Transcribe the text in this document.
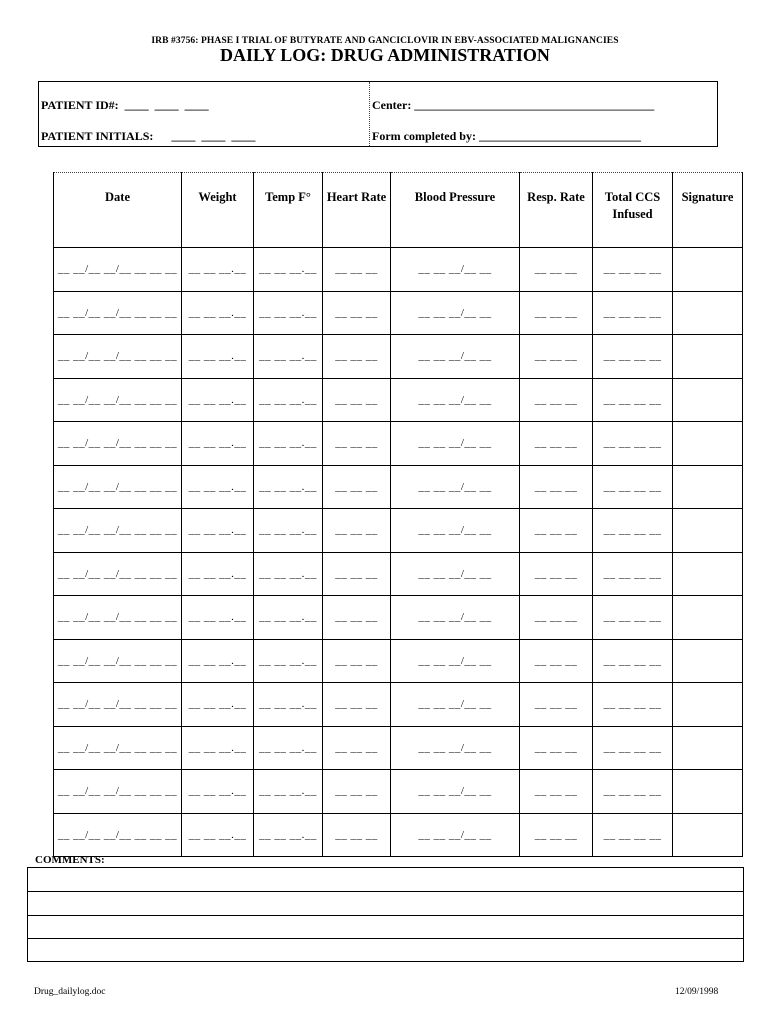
IRB #3756: PHASE I TRIAL OF BUTYRATE AND GANCICLOVIR IN EBV-ASSOCIATED MALIGNANCIES
DAILY LOG: DRUG ADMINISTRATION
PATIENT ID#:  ____  ____  ____
PATIENT INITIALS:      ____  ____  ____
Center: ________________________________________
Form completed by: ___________________________
Date	Weight	Temp F°	Heart Rate	Blood Pressure	Resp. Rate	Total CCS Infused	Signature
__ __/__ __/__ __ __ __	__ __ __.__	__ __ __.__	__ __ __	__ __ __/__ __	__ __ __	__ __ __ __	
__ __/__ __/__ __ __ __	__ __ __.__	__ __ __.__	__ __ __	__ __ __/__ __	__ __ __	__ __ __ __	
__ __/__ __/__ __ __ __	__ __ __.__	__ __ __.__	__ __ __	__ __ __/__ __	__ __ __	__ __ __ __	
__ __/__ __/__ __ __ __	__ __ __.__	__ __ __.__	__ __ __	__ __ __/__ __	__ __ __	__ __ __ __	
__ __/__ __/__ __ __ __	__ __ __.__	__ __ __.__	__ __ __	__ __ __/__ __	__ __ __	__ __ __ __	
__ __/__ __/__ __ __ __	__ __ __.__	__ __ __.__	__ __ __	__ __ __/__ __	__ __ __	__ __ __ __	
__ __/__ __/__ __ __ __	__ __ __.__	__ __ __.__	__ __ __	__ __ __/__ __	__ __ __	__ __ __ __	
__ __/__ __/__ __ __ __	__ __ __.__	__ __ __.__	__ __ __	__ __ __/__ __	__ __ __	__ __ __ __	
__ __/__ __/__ __ __ __	__ __ __.__	__ __ __.__	__ __ __	__ __ __/__ __	__ __ __	__ __ __ __	
__ __/__ __/__ __ __ __	__ __ __.__	__ __ __.__	__ __ __	__ __ __/__ __	__ __ __	__ __ __ __	
__ __/__ __/__ __ __ __	__ __ __.__	__ __ __.__	__ __ __	__ __ __/__ __	__ __ __	__ __ __ __	
__ __/__ __/__ __ __ __	__ __ __.__	__ __ __.__	__ __ __	__ __ __/__ __	__ __ __	__ __ __ __	
__ __/__ __/__ __ __ __	__ __ __.__	__ __ __.__	__ __ __	__ __ __/__ __	__ __ __	__ __ __ __	
__ __/__ __/__ __ __ __	__ __ __.__	__ __ __.__	__ __ __	__ __ __/__ __	__ __ __	__ __ __ __	
COMMENTS:
Drug_dailylog.doc	12/09/1998
